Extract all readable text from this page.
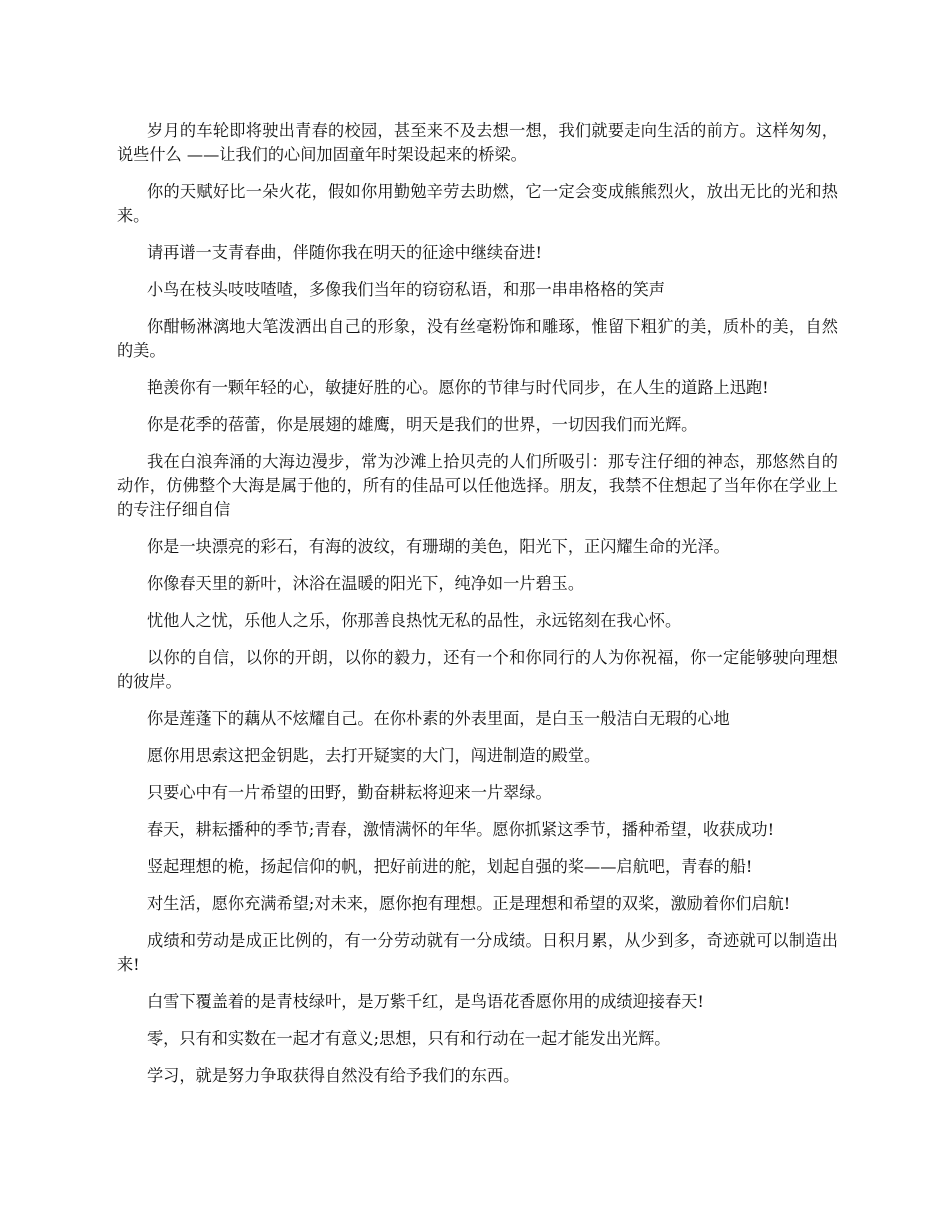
岁月的车轮即将驶出青春的校园，甚至来不及去想一想，我们就要走向生活的前方。这样匆匆，说些什么 ——让我们的心间加固童年时架设起来的桥梁。

你的天赋好比一朵火花，假如你用勤勉辛劳去助燃，它一定会变成熊熊烈火，放出无比的光和热来。

请再谱一支青春曲，伴随你我在明天的征途中继续奋进!

小鸟在枝头吱吱喳喳，多像我们当年的窃窃私语，和那一串串格格的笑声

你酣畅淋漓地大笔泼洒出自己的形象，没有丝毫粉饰和雕琢，惟留下粗犷的美，质朴的美，自然的美。

艳羡你有一颗年轻的心，敏捷好胜的心。愿你的节律与时代同步，在人生的道路上迅跑!

你是花季的蓓蕾，你是展翅的雄鹰，明天是我们的世界，一切因我们而光辉。

我在白浪奔涌的大海边漫步，常为沙滩上拾贝壳的人们所吸引：那专注仔细的神态，那悠然自的动作，仿佛整个大海是属于他的，所有的佳品可以任他选择。朋友，我禁不住想起了当年你在学业上的专注仔细自信

你是一块漂亮的彩石，有海的波纹，有珊瑚的美色，阳光下，正闪耀生命的光泽。

你像春天里的新叶，沐浴在温暖的阳光下，纯净如一片碧玉。

忧他人之忧，乐他人之乐，你那善良热忱无私的品性，永远铭刻在我心怀。

以你的自信，以你的开朗，以你的毅力，还有一个和你同行的人为你祝福，你一定能够驶向理想的彼岸。

你是莲蓬下的藕从不炫耀自己。在你朴素的外表里面，是白玉一般洁白无瑕的心地

愿你用思索这把金钥匙，去打开疑窦的大门，闯进制造的殿堂。

只要心中有一片希望的田野，勤奋耕耘将迎来一片翠绿。

春天，耕耘播种的季节;青春，激情满怀的年华。愿你抓紧这季节，播种希望，收获成功!

竖起理想的桅，扬起信仰的帆，把好前进的舵，划起自强的桨——启航吧，青春的船!

对生活，愿你充满希望;对未来，愿你抱有理想。正是理想和希望的双桨，激励着你们启航!

成绩和劳动是成正比例的，有一分劳动就有一分成绩。日积月累，从少到多，奇迹就可以制造出来!

白雪下覆盖着的是青枝绿叶，是万紫千红，是鸟语花香愿你用的成绩迎接春天!

零，只有和实数在一起才有意义;思想，只有和行动在一起才能发出光辉。

学习，就是努力争取获得自然没有给予我们的东西。
